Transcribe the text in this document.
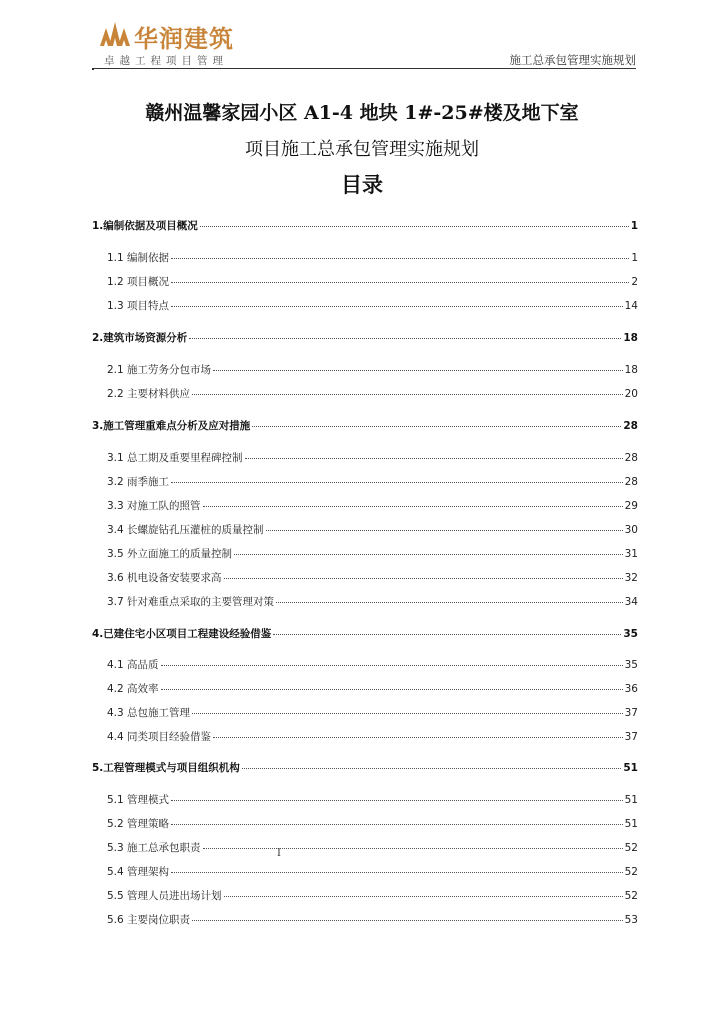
华润建筑
卓越工程项目管理	施工总承包管理实施规划
赣州温馨家园小区 A1-4 地块 1#-25#楼及地下室
项目施工总承包管理实施规划
目录
1.编制依据及项目概况	1
1.1 编制依据	1
1.2 项目概况	2
1.3 项目特点	14
2.建筑市场资源分析	18
2.1 施工劳务分包市场	18
2.2 主要材料供应	20
3.施工管理重难点分析及应对措施	28
3.1 总工期及重要里程碑控制	28
3.2 雨季施工	28
3.3 对施工队的照管	29
3.4 长螺旋钻孔压灌桩的质量控制	30
3.5 外立面施工的质量控制	31
3.6 机电设备安装要求高	32
3.7 针对难重点采取的主要管理对策	34
4.已建住宅小区项目工程建设经验借鉴	35
4.1 高品质	35
4.2 高效率	36
4.3 总包施工管理	37
4.4 同类项目经验借鉴	37
5.工程管理模式与项目组织机构	51
5.1 管理模式	51
5.2 管理策略	51
5.3 施工总承包职责	52
5.4 管理架构	52
5.5 管理人员进出场计划	52
5.6 主要岗位职责	53
I
